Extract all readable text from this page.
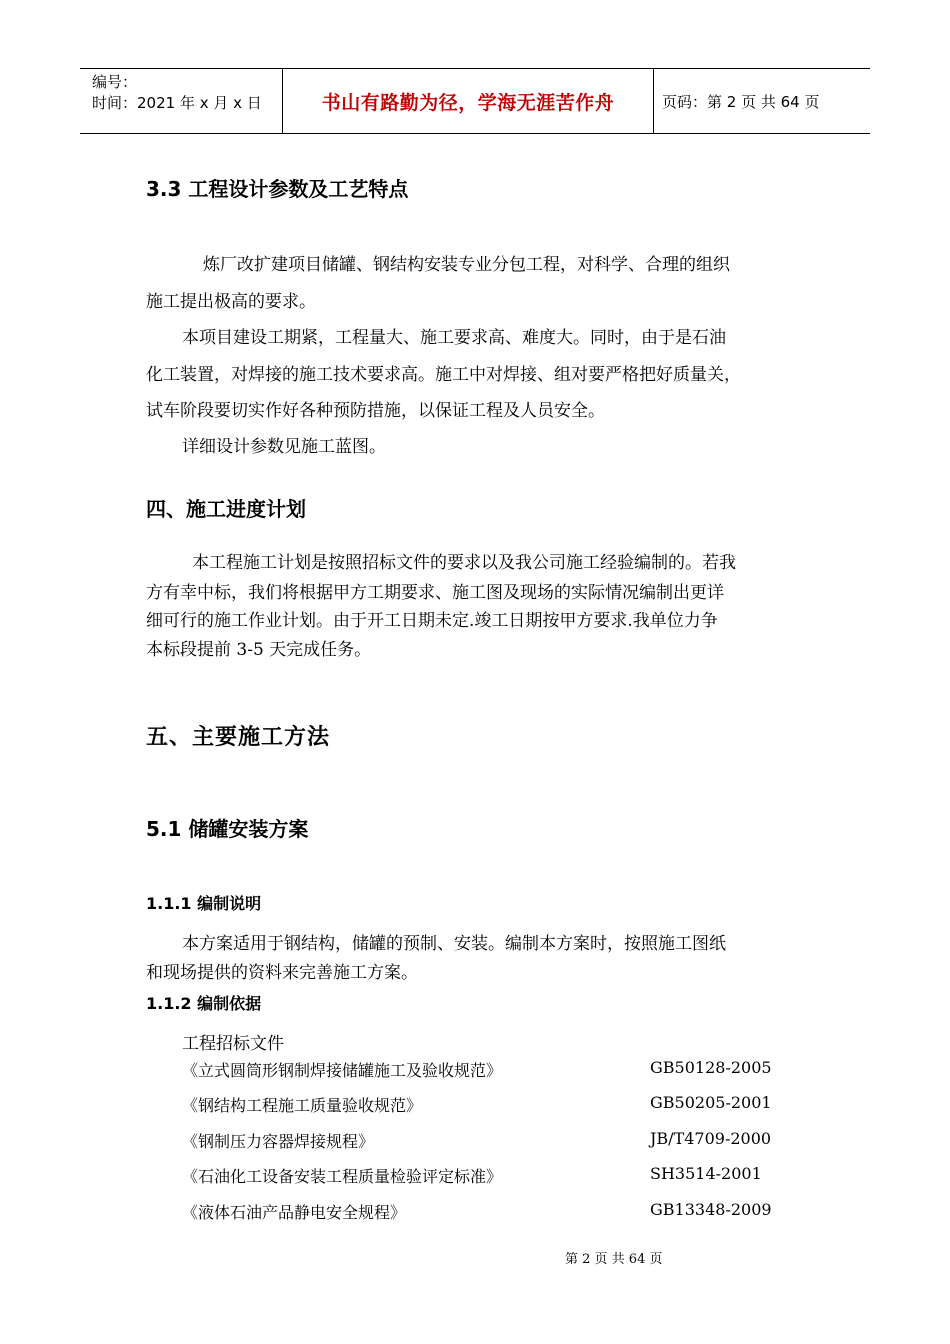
编号：
时间：2021 年 x 月 x 日	书山有路勤为径，学海无涯苦作舟	页码：第 2 页 共 64 页
3.3 工程设计参数及工艺特点
炼厂改扩建项目储罐、钢结构安装专业分包工程，对科学、合理的组织
施工提出极高的要求。
本项目建设工期紧，工程量大、施工要求高、难度大。同时，由于是石油
化工装置，对焊接的施工技术要求高。施工中对焊接、组对要严格把好质量关，
试车阶段要切实作好各种预防措施，以保证工程及人员安全。
详细设计参数见施工蓝图。
四、施工进度计划
本工程施工计划是按照招标文件的要求以及我公司施工经验编制的。若我
方有幸中标，我们将根据甲方工期要求、施工图及现场的实际情况编制出更详
细可行的施工作业计划。由于开工日期未定.竣工日期按甲方要求.我单位力争
本标段提前 3-5 天完成任务。
五、主要施工方法
5.1 储罐安装方案
1.1.1 编制说明
本方案适用于钢结构，储罐的预制、安装。编制本方案时，按照施工图纸
和现场提供的资料来完善施工方案。
1.1.2 编制依据
工程招标文件
《立式圆筒形钢制焊接储罐施工及验收规范》	GB50128-2005
《钢结构工程施工质量验收规范》	GB50205-2001
《钢制压力容器焊接规程》	JB/T4709-2000
《石油化工设备安装工程质量检验评定标准》	SH3514-2001
《液体石油产品静电安全规程》	GB13348-2009
第 2 页 共 64 页
